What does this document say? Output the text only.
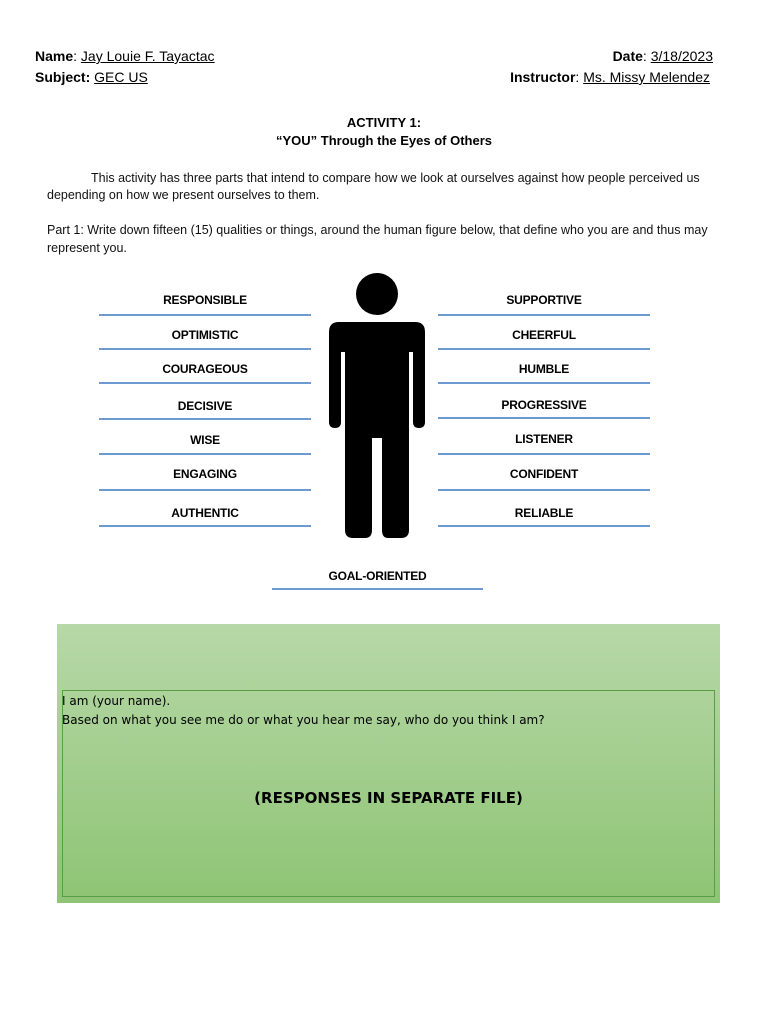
Name: Jay Louie F. Tayactac
Subject: GEC US
Date: 3/18/2023
Instructor: Ms. Missy Melendez
ACTIVITY 1:
“YOU” Through the Eyes of Others
This activity has three parts that intend to compare how we look at ourselves against how people perceived us
depending on how we present ourselves to them.
Part 1: Write down fifteen (15) qualities or things, around the human figure below, that define who you are and thus may
represent you.
RESPONSIBLE
OPTIMISTIC
COURAGEOUS
DECISIVE
WISE
ENGAGING
AUTHENTIC
SUPPORTIVE
CHEERFUL
HUMBLE
PROGRESSIVE
LISTENER
CONFIDENT
RELIABLE
GOAL-ORIENTED
I am (your name).
Based on what you see me do or what you hear me say, who do you think I am?
(RESPONSES IN SEPARATE FILE)
